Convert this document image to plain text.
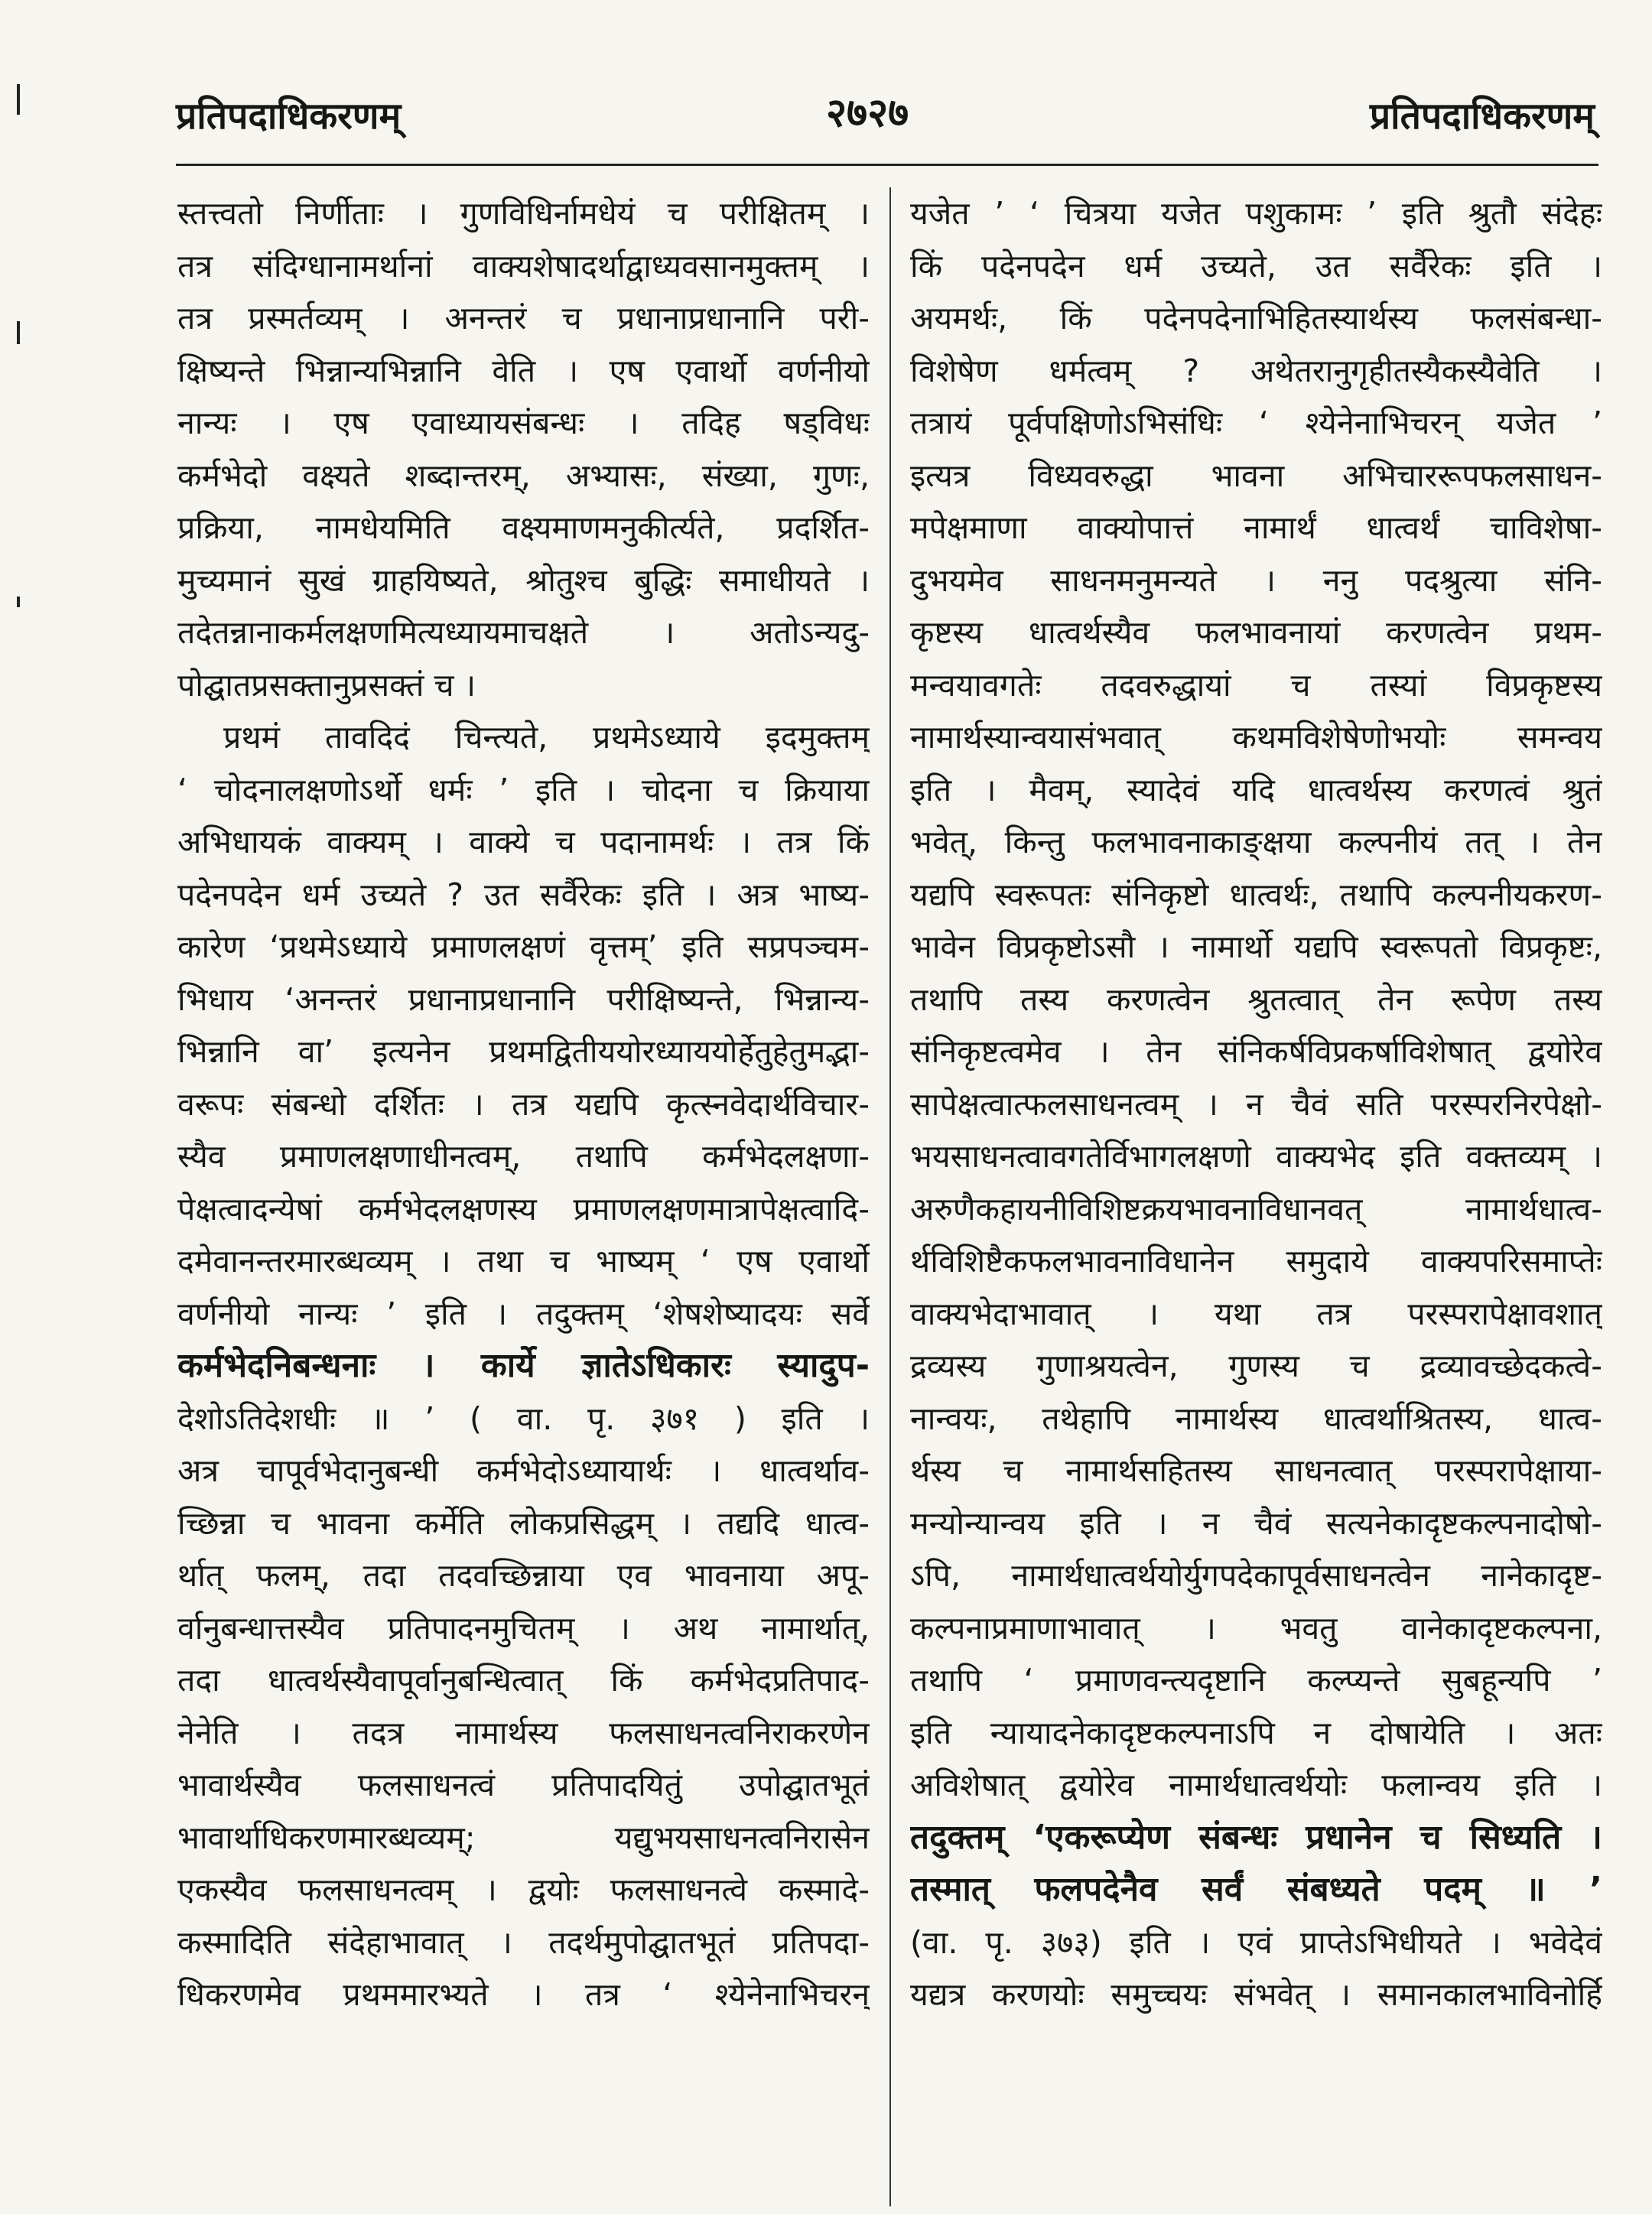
प्रतिपदाधिकरणम्	२७२७	प्रतिपदाधिकरणम्
स्तत्त्वतो निर्णीताः । गुणविधिर्नामधेयं च परीक्षितम् ।
तत्र संदिग्धानामर्थानां वाक्यशेषादर्थाद्वाध्यवसानमुक्तम् ।
तत्र प्रस्मर्तव्यम् । अनन्तरं च प्रधानाप्रधानानि परी-
क्षिष्यन्ते भिन्नान्यभिन्नानि वेति । एष एवार्थो वर्णनीयो
नान्यः । एष एवाध्यायसंबन्धः । तदिह षड्विधः
कर्मभेदो वक्ष्यते शब्दान्तरम्, अभ्यासः, संख्या, गुणः,
प्रक्रिया, नामधेयमिति वक्ष्यमाणमनुकीर्त्यते, प्रदर्शित-
मुच्यमानं सुखं ग्राहयिष्यते, श्रोतुश्च बुद्धिः समाधीयते ।
तदेतन्नानाकर्मलक्षणमित्यध्यायमाचक्षते । अतोऽन्यदु-
पोद्घातप्रसक्तानुप्रसक्तं च ।
प्रथमं तावदिदं चिन्त्यते, प्रथमेऽध्याये इदमुक्तम्
‘ चोदनालक्षणोऽर्थो धर्मः ’ इति । चोदना च क्रियाया
अभिधायकं वाक्यम् । वाक्ये च पदानामर्थः । तत्र किं
पदेनपदेन धर्म उच्यते ? उत सर्वैरेकः इति । अत्र भाष्य-
कारेण ‘प्रथमेऽध्याये प्रमाणलक्षणं वृत्तम्’ इति सप्रपञ्चम-
भिधाय ‘अनन्तरं प्रधानाप्रधानानि परीक्षिष्यन्ते, भिन्नान्य-
भिन्नानि वा’ इत्यनेन प्रथमद्वितीययोरध्याययोर्हेतुहेतुमद्भा-
वरूपः संबन्धो दर्शितः । तत्र यद्यपि कृत्स्नवेदार्थविचार-
स्यैव प्रमाणलक्षणाधीनत्वम्, तथापि कर्मभेदलक्षणा-
पेक्षत्वादन्येषां कर्मभेदलक्षणस्य प्रमाणलक्षणमात्रापेक्षत्वादि-
दमेवानन्तरमारब्धव्यम् । तथा च भाष्यम् ‘ एष एवार्थो
वर्णनीयो नान्यः ’ इति । तदुक्तम् ‘शेषशेष्यादयः सर्वे
कर्मभेदनिबन्धनाः । कार्ये ज्ञातेऽधिकारः स्यादुप-
देशोऽतिदेशधीः ॥ ’ ( वा. पृ. ३७१ ) इति ।
अत्र चापूर्वभेदानुबन्धी कर्मभेदोऽध्यायार्थः । धात्वर्थाव-
च्छिन्ना च भावना कर्मेति लोकप्रसिद्धम् । तद्यदि धात्व-
र्थात् फलम्, तदा तदवच्छिन्नाया एव भावनाया अपू-
र्वानुबन्धात्तस्यैव प्रतिपादनमुचितम् । अथ नामार्थात्,
तदा धात्वर्थस्यैवापूर्वानुबन्धित्वात् किं कर्मभेदप्रतिपाद-
नेनेति । तदत्र नामार्थस्य फलसाधनत्वनिराकरणेन
भावार्थस्यैव फलसाधनत्वं प्रतिपादयितुं उपोद्घातभूतं
भावार्थाधिकरणमारब्धव्यम्; यद्युभयसाधनत्वनिरासेन
एकस्यैव फलसाधनत्वम् । द्वयोः फलसाधनत्वे कस्मादे-
कस्मादिति संदेहाभावात् । तदर्थमुपोद्घातभूतं प्रतिपदा-
धिकरणमेव प्रथममारभ्यते । तत्र ‘ श्येनेनाभिचरन्
यजेत ’ ‘ चित्रया यजेत पशुकामः ’ इति श्रुतौ संदेहः
किं पदेनपदेन धर्म उच्यते, उत सर्वैरेकः इति ।
अयमर्थः, किं पदेनपदेनाभिहितस्यार्थस्य फलसंबन्धा-
विशेषेण धर्मत्वम् ? अथेतरानुगृहीतस्यैकस्यैवेति ।
तत्रायं पूर्वपक्षिणोऽभिसंधिः ‘ श्येनेनाभिचरन् यजेत ’
इत्यत्र विध्यवरुद्धा भावना अभिचाररूपफलसाधन-
मपेक्षमाणा वाक्योपात्तं नामार्थं धात्वर्थं चाविशेषा-
दुभयमेव साधनमनुमन्यते । ननु पदश्रुत्या संनि-
कृष्टस्य धात्वर्थस्यैव फलभावनायां करणत्वेन प्रथम-
मन्वयावगतेः तदवरुद्धायां च तस्यां विप्रकृष्टस्य
नामार्थस्यान्वयासंभवात् कथमविशेषेणोभयोः समन्वय
इति । मैवम्, स्यादेवं यदि धात्वर्थस्य करणत्वं श्रुतं
भवेत्, किन्तु फलभावनाकाङ्क्षया कल्पनीयं तत् । तेन
यद्यपि स्वरूपतः संनिकृष्टो धात्वर्थः, तथापि कल्पनीयकरण-
भावेन विप्रकृष्टोऽसौ । नामार्थो यद्यपि स्वरूपतो विप्रकृष्टः,
तथापि तस्य करणत्वेन श्रुतत्वात् तेन रूपेण तस्य
संनिकृष्टत्वमेव । तेन संनिकर्षविप्रकर्षाविशेषात् द्वयोरेव
सापेक्षत्वात्फलसाधनत्वम् । न चैवं सति परस्परनिरपेक्षो-
भयसाधनत्वावगतेर्विभागलक्षणो वाक्यभेद इति वक्तव्यम् ।
अरुणैकहायनीविशिष्टक्रयभावनाविधानवत् नामार्थधात्व-
र्थविशिष्टैकफलभावनाविधानेन समुदाये वाक्यपरिसमाप्तेः
वाक्यभेदाभावात् । यथा तत्र परस्परापेक्षावशात्
द्रव्यस्य गुणाश्रयत्वेन, गुणस्य च द्रव्यावच्छेदकत्वे-
नान्वयः, तथेहापि नामार्थस्य धात्वर्थाश्रितस्य, धात्व-
र्थस्य च नामार्थसहितस्य साधनत्वात् परस्परापेक्षाया-
मन्योन्यान्वय इति । न चैवं सत्यनेकादृष्टकल्पनादोषो-
ऽपि, नामार्थधात्वर्थयोर्युगपदेकापूर्वसाधनत्वेन नानेकादृष्ट-
कल्पनाप्रमाणाभावात् । भवतु वानेकादृष्टकल्पना,
तथापि ‘ प्रमाणवन्त्यदृष्टानि कल्प्यन्ते सुबहून्यपि ’
इति न्यायादनेकादृष्टकल्पनाऽपि न दोषायेति । अतः
अविशेषात् द्वयोरेव नामार्थधात्वर्थयोः फलान्वय इति ।
तदुक्तम् ‘एकरूप्येण संबन्धः प्रधानेन च सिध्यति ।
तस्मात् फलपदेनैव सर्वं संबध्यते पदम् ॥ ’
(वा. पृ. ३७३) इति । एवं प्राप्तेऽभिधीयते । भवेदेवं
यद्यत्र करणयोः समुच्चयः संभवेत् । समानकालभाविनोर्हि
